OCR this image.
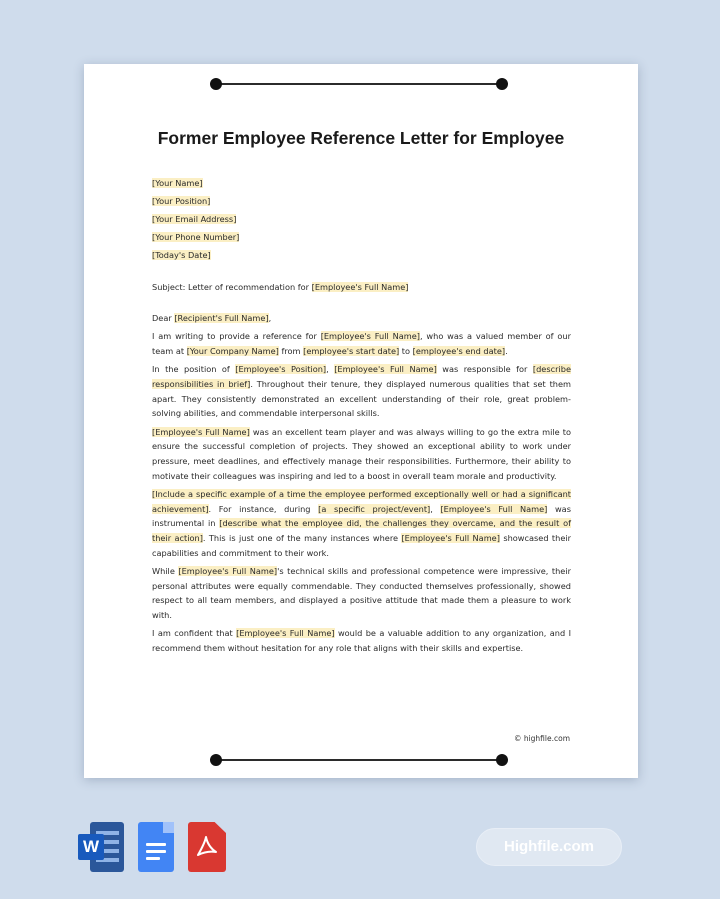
Former Employee Reference Letter for Employee
[Your Name]
[Your Position]
[Your Email Address]
[Your Phone Number]
[Today's Date]
Subject: Letter of recommendation for [Employee's Full Name]
Dear [Recipient's Full Name],
I am writing to provide a reference for [Employee's Full Name], who was a valued member of our team at [Your Company Name] from [employee's start date] to [employee's end date].
In the position of [Employee's Position], [Employee's Full Name] was responsible for [describe responsibilities in brief]. Throughout their tenure, they displayed numerous qualities that set them apart. They consistently demonstrated an excellent understanding of their role, great problem-solving abilities, and commendable interpersonal skills.
[Employee's Full Name] was an excellent team player and was always willing to go the extra mile to ensure the successful completion of projects. They showed an exceptional ability to work under pressure, meet deadlines, and effectively manage their responsibilities. Furthermore, their ability to motivate their colleagues was inspiring and led to a boost in overall team morale and productivity.
[Include a specific example of a time the employee performed exceptionally well or had a significant achievement]. For instance, during [a specific project/event], [Employee's Full Name] was instrumental in [describe what the employee did, the challenges they overcame, and the result of their action]. This is just one of the many instances where [Employee's Full Name] showcased their capabilities and commitment to their work.
While [Employee's Full Name]'s technical skills and professional competence were impressive, their personal attributes were equally commendable. They conducted themselves professionally, showed respect to all team members, and displayed a positive attitude that made them a pleasure to work with.
I am confident that [Employee's Full Name] would be a valuable addition to any organization, and I recommend them without hesitation for any role that aligns with their skills and expertise.
© highfile.com
W	Highfile.com
